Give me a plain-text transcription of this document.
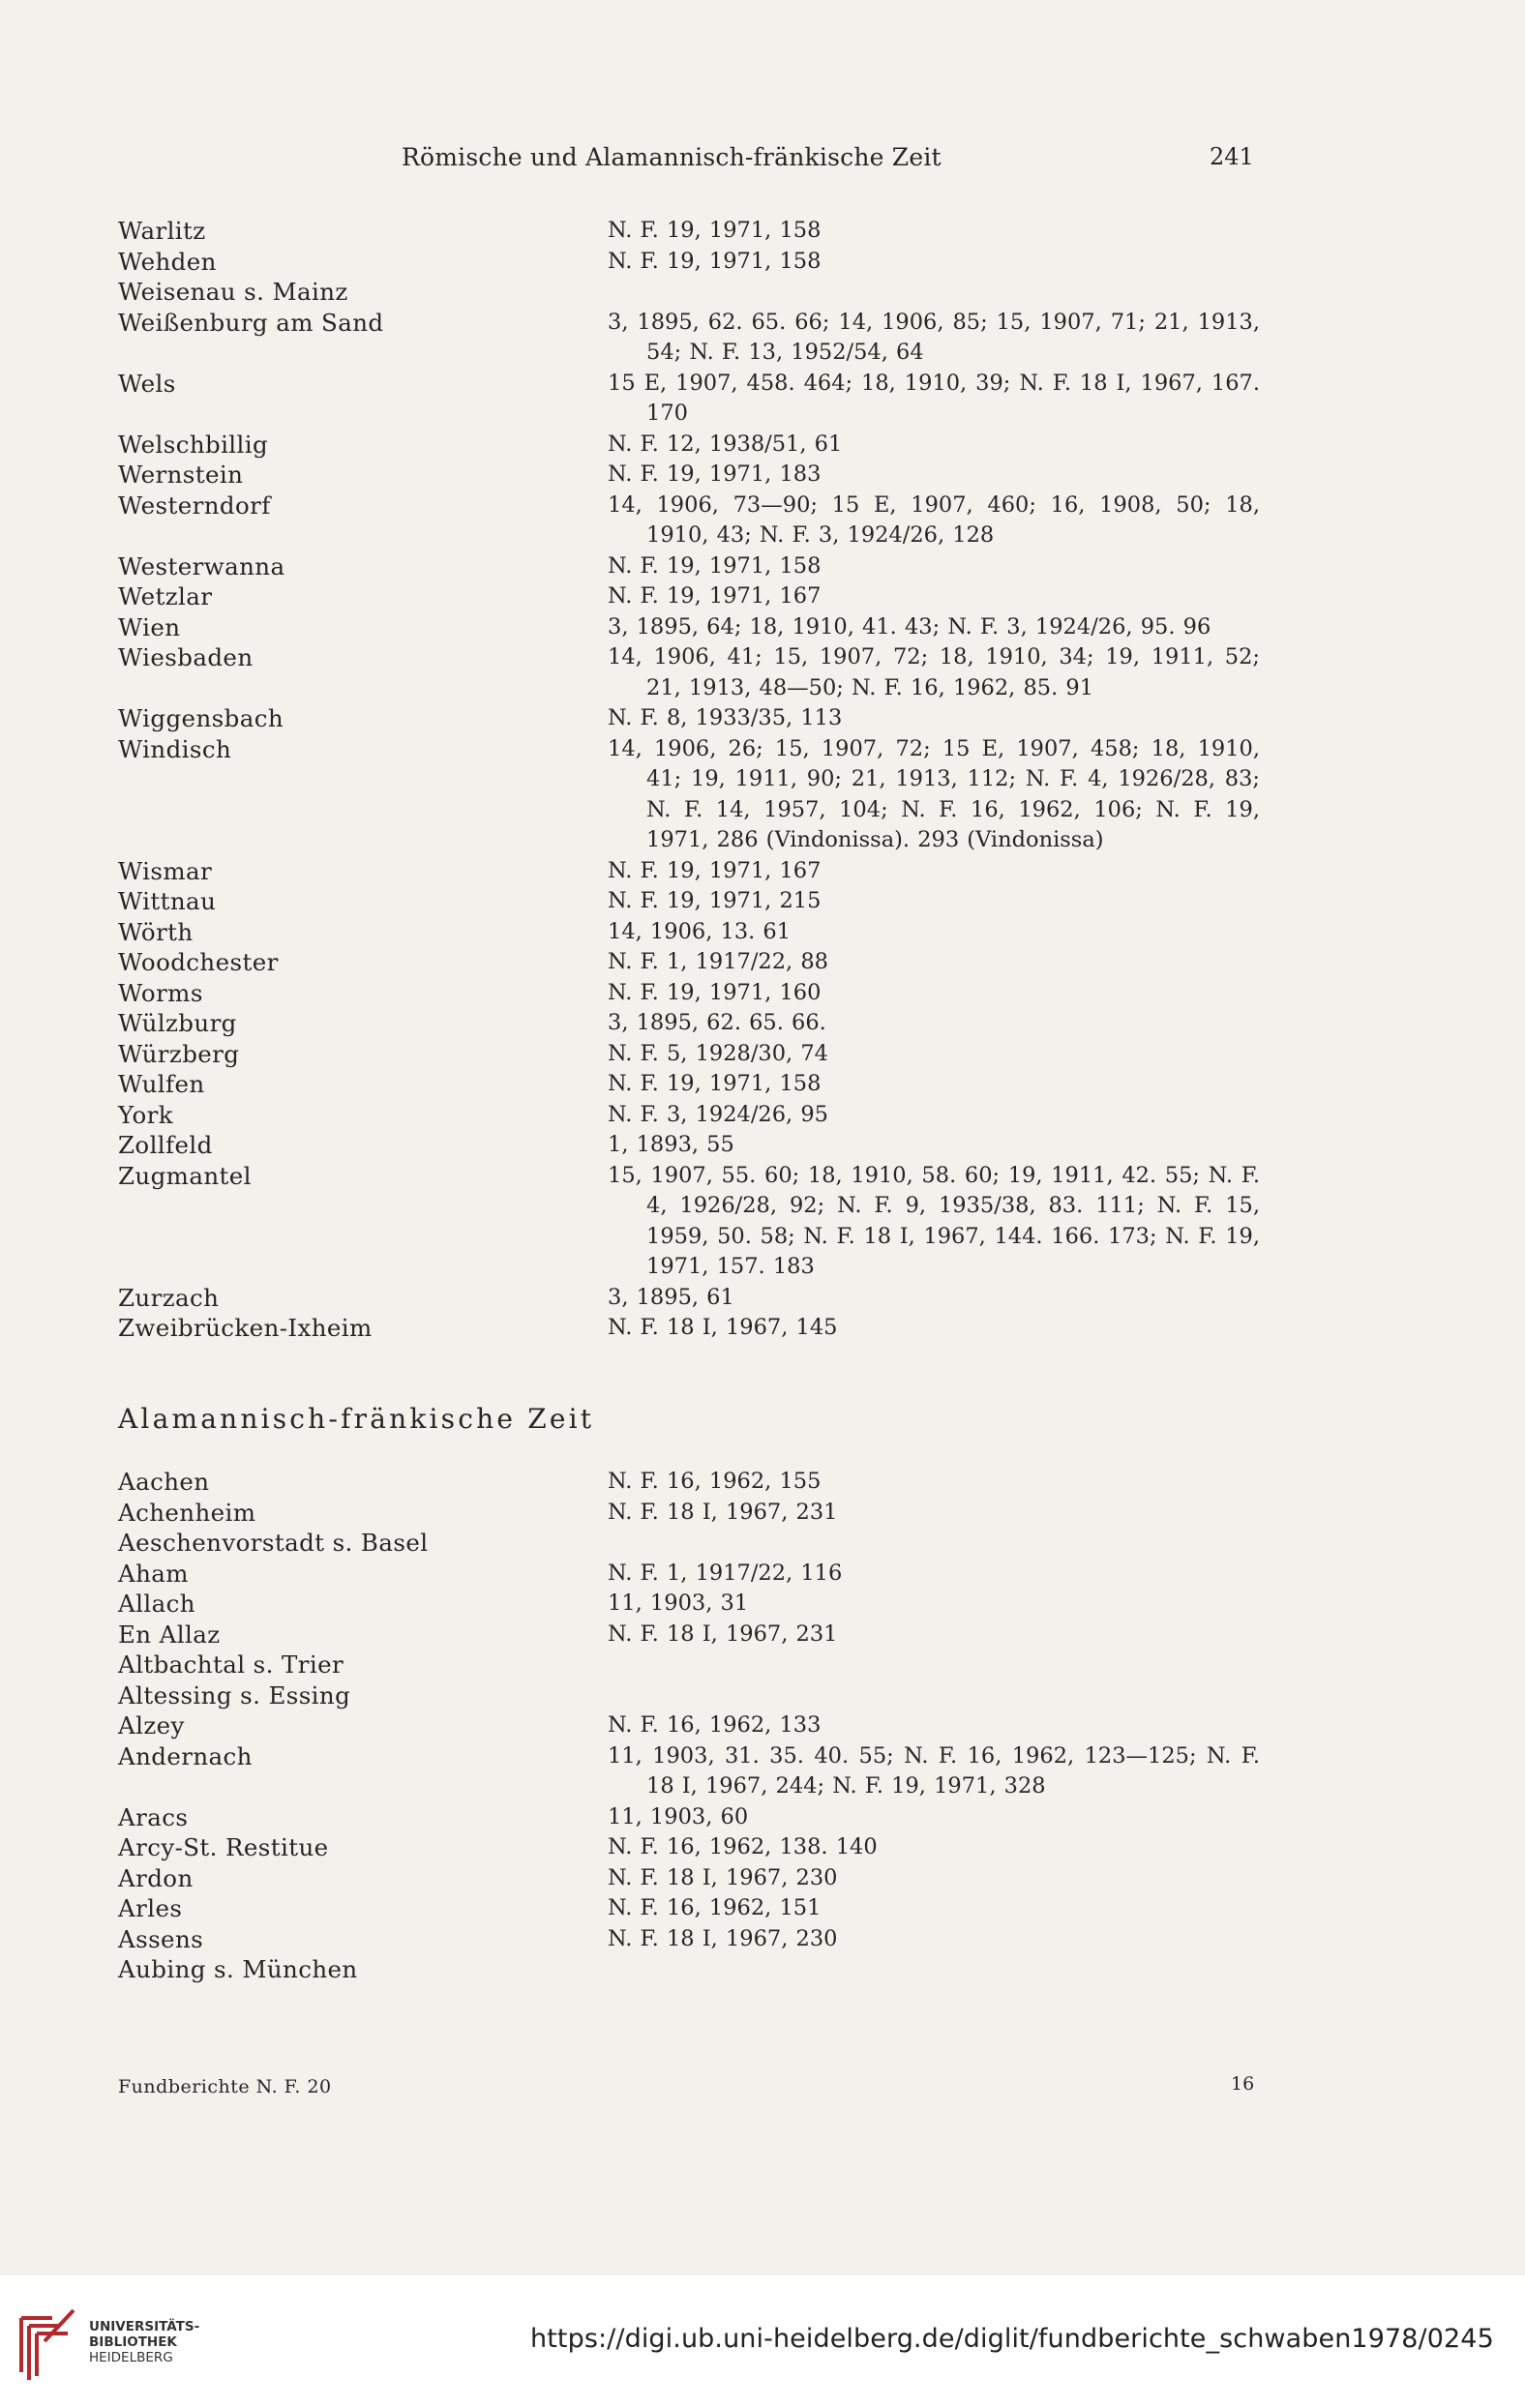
Römische und Alamannisch-fränkische Zeit	241
Warlitz	N. F. 19, 1971, 158
Wehden	N. F. 19, 1971, 158
Weisenau s. Mainz
Weißenburg am Sand	3, 1895, 62. 65. 66; 14, 1906, 85; 15, 1907, 71; 21, 1913, 54; N. F. 13, 1952/54, 64
Wels	15 E, 1907, 458. 464; 18, 1910, 39; N. F. 18 I, 1967, 167. 170
Welschbillig	N. F. 12, 1938/51, 61
Wernstein	N. F. 19, 1971, 183
Westerndorf	14, 1906, 73—90; 15 E, 1907, 460; 16, 1908, 50; 18, 1910, 43; N. F. 3, 1924/26, 128
Westerwanna	N. F. 19, 1971, 158
Wetzlar	N. F. 19, 1971, 167
Wien	3, 1895, 64; 18, 1910, 41. 43; N. F. 3, 1924/26, 95. 96
Wiesbaden	14, 1906, 41; 15, 1907, 72; 18, 1910, 34; 19, 1911, 52; 21, 1913, 48—50; N. F. 16, 1962, 85. 91
Wiggensbach	N. F. 8, 1933/35, 113
Windisch	14, 1906, 26; 15, 1907, 72; 15 E, 1907, 458; 18, 1910, 41; 19, 1911, 90; 21, 1913, 112; N. F. 4, 1926/28, 83; N. F. 14, 1957, 104; N. F. 16, 1962, 106; N. F. 19, 1971, 286 (Vindonissa). 293 (Vindonissa)
Wismar	N. F. 19, 1971, 167
Wittnau	N. F. 19, 1971, 215
Wörth	14, 1906, 13. 61
Woodchester	N. F. 1, 1917/22, 88
Worms	N. F. 19, 1971, 160
Wülzburg	3, 1895, 62. 65. 66.
Würzberg	N. F. 5, 1928/30, 74
Wulfen	N. F. 19, 1971, 158
York	N. F. 3, 1924/26, 95
Zollfeld	1, 1893, 55
Zugmantel	15, 1907, 55. 60; 18, 1910, 58. 60; 19, 1911, 42. 55; N. F. 4, 1926/28, 92; N. F. 9, 1935/38, 83. 111; N. F. 15, 1959, 50. 58; N. F. 18 I, 1967, 144. 166. 173; N. F. 19, 1971, 157. 183
Zurzach	3, 1895, 61
Zweibrücken-Ixheim	N. F. 18 I, 1967, 145
Alamannisch-fränkische Zeit
Aachen	N. F. 16, 1962, 155
Achenheim	N. F. 18 I, 1967, 231
Aeschenvorstadt s. Basel
Aham	N. F. 1, 1917/22, 116
Allach	11, 1903, 31
En Allaz	N. F. 18 I, 1967, 231
Altbachtal s. Trier
Altessing s. Essing
Alzey	N. F. 16, 1962, 133
Andernach	11, 1903, 31. 35. 40. 55; N. F. 16, 1962, 123—125; N. F. 18 I, 1967, 244; N. F. 19, 1971, 328
Aracs	11, 1903, 60
Arcy-St. Restitue	N. F. 16, 1962, 138. 140
Ardon	N. F. 18 I, 1967, 230
Arles	N. F. 16, 1962, 151
Assens	N. F. 18 I, 1967, 230
Aubing s. München
Fundberichte N. F. 20	16
UNIVERSITÄTS-
BIBLIOTHEK
HEIDELBERG
https://digi.ub.uni-heidelberg.de/diglit/fundberichte_schwaben1978/0245
